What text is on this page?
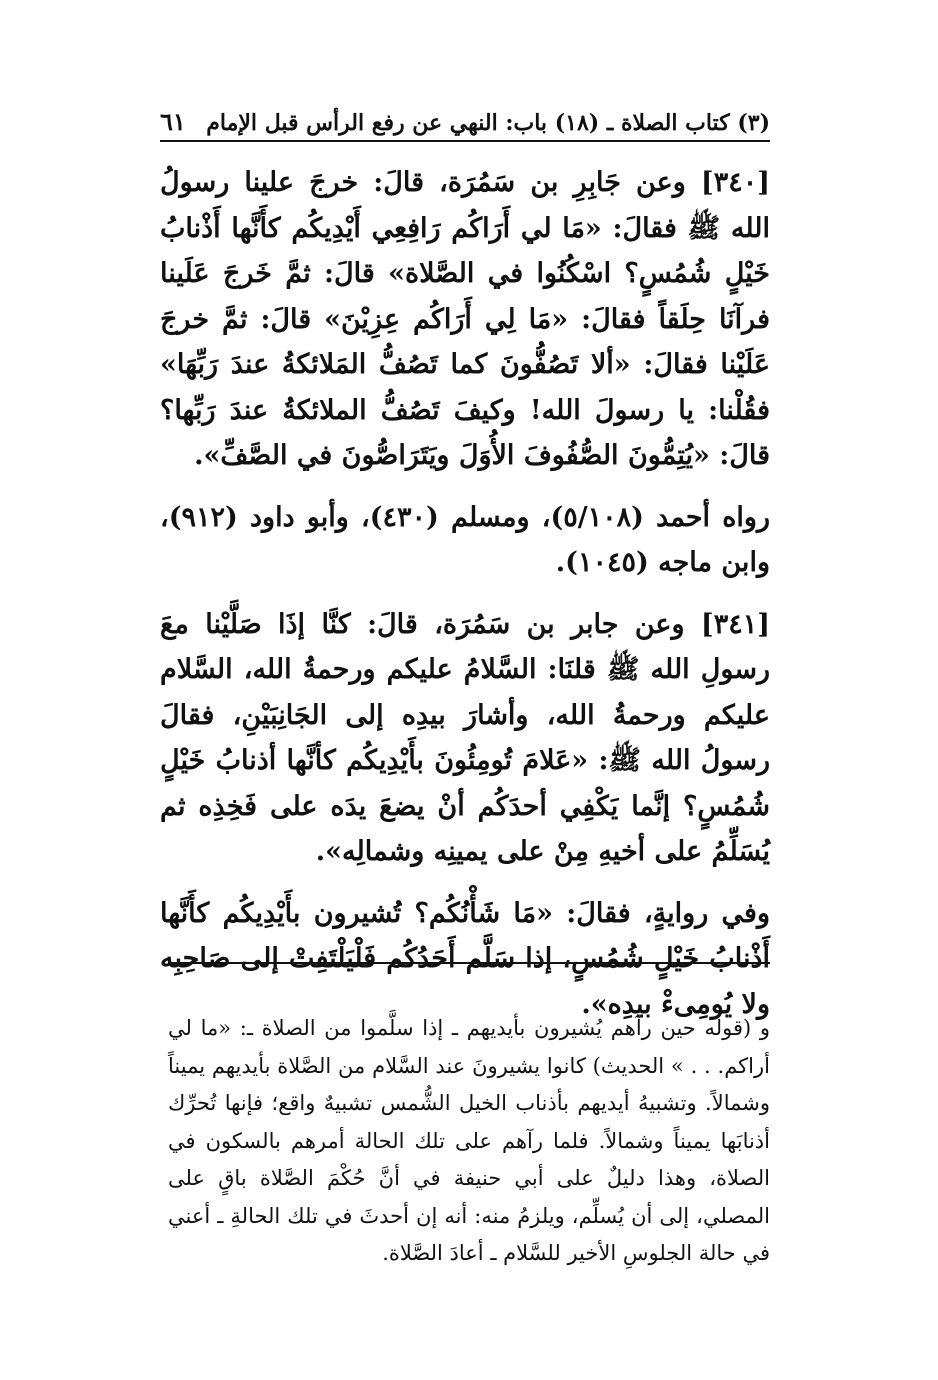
(٣) كتاب الصلاة ـ (١٨) باب: النهي عن رفع الرأس قبل الإمام
٦١

[٣٤٠] وعن جَابِرِ بن سَمُرَة، قالَ: خرجَ علينا رسولُ الله ﷺ فقالَ: «مَا لي أَرَاكُم رَافِعِي أَيْدِيكُم كأَنَّها أَذْنابُ خَيْلٍ شُمُسٍ؟ اسْكُنُوا في الصَّلاة» قالَ: ثمَّ خَرجَ عَلَينا فرآنَا حِلَقاً فقالَ: «مَا لِي أَرَاكُم عِزِيْنَ» قالَ: ثمَّ خرجَ عَلَيْنا فقالَ: «ألا تَصُفُّونَ كما تَصُفُّ المَلائكةُ عندَ رَبِّهَا» فقُلْنا: يا رسولَ الله! وكيفَ تَصُفُّ الملائكةُ عندَ رَبِّها؟ قالَ: «يُتِمُّونَ الصُّفُوفَ الأُوَلَ ويَتَرَاصُّونَ في الصَّفِّ».

رواه أحمد (٥/١٠٨)، ومسلم (٤٣٠)، وأبو داود (٩١٢)، وابن ماجه (١٠٤٥).

[٣٤١] وعن جابر بن سَمُرَة، قالَ: كنَّا إذَا صَلَّيْنا معَ رسولِ الله ﷺ قلنَا: السَّلامُ عليكم ورحمةُ الله، السَّلام عليكم ورحمةُ الله، وأشارَ بيدِه إلى الجَانِبَيْنِ، فقالَ رسولُ الله ﷺ: «عَلامَ تُومِئُونَ بأَيْدِيكُم كأنَّها أذنابُ خَيْلٍ شُمُسٍ؟ إنَّما يَكْفِي أحدَكُم أنْ يضعَ يدَه على فَخِذِه ثم يُسَلِّمُ على أخيهِ مِنْ على يمينِه وشمالِه».

وفي روايةٍ، فقالَ: «مَا شَأْنُكُم؟ تُشيرون بأَيْدِيكُم كأَنَّها أَذْنابُ خَيْلٍ شُمُسٍ، إذا سَلَّم أَحَدُكُم فَلْيَلْتَفِتْ إلى صَاحِبِه ولا يُومِىءْ بيدِه».

و (قوله حين رآهم يُشيرون بأيديهم ـ إذا سلَّموا من الصلاة ـ: «ما لي أراكم. . . » الحديث) كانوا يشيرونَ عند السَّلام من الصَّلاة بأيديهم يميناً وشمالاً. وتشبيهُ أيديهم بأذناب الخيل الشُّمس تشبيهٌ واقع؛ فإنها تُحرِّك أذنابَها يميناً وشمالاً. فلما رآهم على تلك الحالة أمرهم بالسكون في الصلاة، وهذا دليلٌ على أبي حنيفة في أنَّ حُكْمَ الصَّلاة باقٍ على المصلي، إلى أن يُسلِّم، ويلزمُ منه: أنه إن أحدثَ في تلك الحالةِ ـ أعني في حالة الجلوسِ الأخير للسَّلام ـ أعادَ الصَّلاة.
